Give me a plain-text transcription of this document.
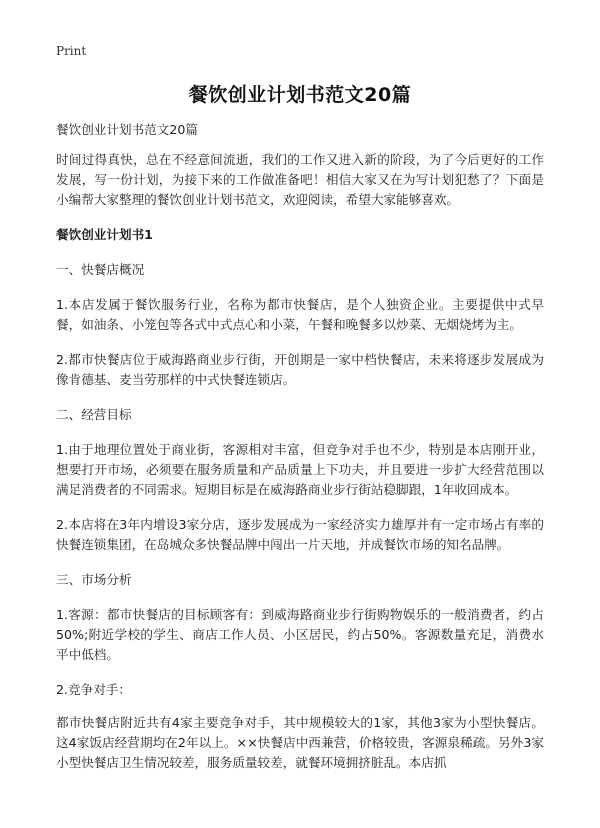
Print
餐饮创业计划书范文20篇

餐饮创业计划书范文20篇

时间过得真快，总在不经意间流逝，我们的工作又进入新的阶段，为了今后更好的工作发展，写一份计划，为接下来的工作做准备吧！相信大家又在为写计划犯愁了？下面是小编帮大家整理的餐饮创业计划书范文，欢迎阅读，希望大家能够喜欢。

餐饮创业计划书1

一、快餐店概况

1.本店发属于餐饮服务行业，名称为都市快餐店，是个人独资企业。主要提供中式早餐，如油条、小笼包等各式中式点心和小菜，午餐和晚餐多以炒菜、无烟烧烤为主。

2.都市快餐店位于威海路商业步行街，开创期是一家中档快餐店，未来将逐步发展成为像肯德基、麦当劳那样的中式快餐连锁店。

二、经营目标

1.由于地理位置处于商业街，客源相对丰富，但竞争对手也不少，特别是本店刚开业，想要打开市场，必须要在服务质量和产品质量上下功夫，并且要进一步扩大经营范围以满足消费者的不同需求。短期目标是在威海路商业步行街站稳脚跟，1年收回成本。

2.本店将在3年内增设3家分店，逐步发展成为一家经济实力雄厚并有一定市场占有率的快餐连锁集团，在岛城众多快餐品牌中闯出一片天地，并成餐饮市场的知名品牌。

三、市场分析

1.客源：都市快餐店的目标顾客有：到威海路商业步行街购物娱乐的一般消费者，约占50%;附近学校的学生、商店工作人员、小区居民，约占50%。客源数量充足，消费水平中低档。

2.竞争对手：

都市快餐店附近共有4家主要竞争对手，其中规模较大的1家，其他3家为小型快餐店。这4家饭店经营期均在2年以上。××快餐店中西兼营，价格较贵，客源泉稀疏。另外3家小型快餐店卫生情况较差，服务质量较差，就餐环境拥挤脏乱。本店抓
